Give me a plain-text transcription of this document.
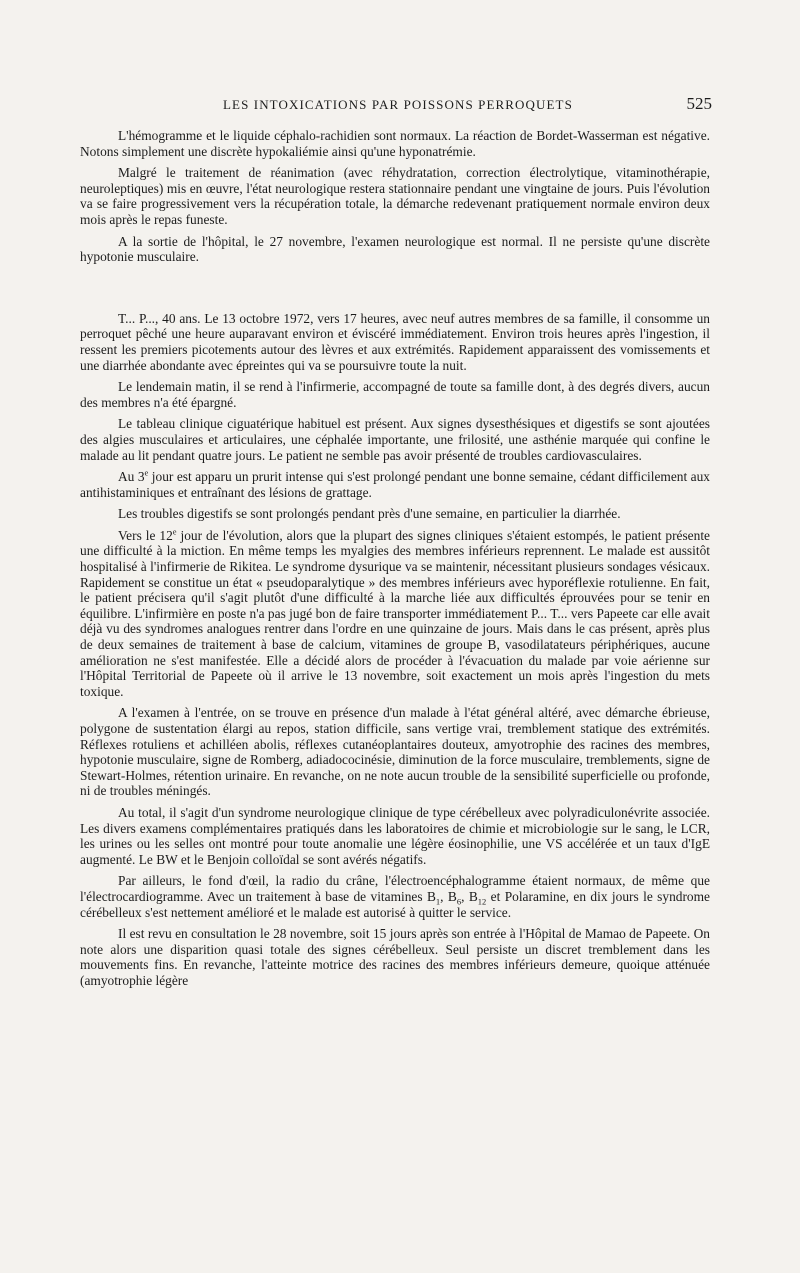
LES INTOXICATIONS PAR POISSONS PERROQUETS	525

L'hémogramme et le liquide céphalo-rachidien sont normaux. La réaction de Bordet-Wasserman est négative. Notons simplement une discrète hypokaliémie ainsi qu'une hyponatrémie.

Malgré le traitement de réanimation (avec réhydratation, correction électrolytique, vitaminothérapie, neuroleptiques) mis en œuvre, l'état neurologique restera stationnaire pendant une vingtaine de jours. Puis l'évolution va se faire progressivement vers la récupération totale, la démarche redevenant pratiquement normale environ deux mois après le repas funeste.

A la sortie de l'hôpital, le 27 novembre, l'examen neurologique est normal. Il ne persiste qu'une discrète hypotonie musculaire.

T... P..., 40 ans. Le 13 octobre 1972, vers 17 heures, avec neuf autres membres de sa famille, il consomme un perroquet pêché une heure auparavant environ et éviscéré immédiatement. Environ trois heures après l'ingestion, il ressent les premiers picotements autour des lèvres et aux extrémités. Rapidement apparaissent des vomissements et une diarrhée abondante avec épreintes qui va se poursuivre toute la nuit.

Le lendemain matin, il se rend à l'infirmerie, accompagné de toute sa famille dont, à des degrés divers, aucun des membres n'a été épargné.

Le tableau clinique ciguatérique habituel est présent. Aux signes dysesthésiques et digestifs se sont ajoutées des algies musculaires et articulaires, une céphalée importante, une frilosité, une asthénie marquée qui confine le malade au lit pendant quatre jours. Le patient ne semble pas avoir présenté de troubles cardiovasculaires.

Au 3e jour est apparu un prurit intense qui s'est prolongé pendant une bonne semaine, cédant difficilement aux antihistaminiques et entraînant des lésions de grattage.

Les troubles digestifs se sont prolongés pendant près d'une semaine, en particulier la diarrhée.

Vers le 12e jour de l'évolution, alors que la plupart des signes cliniques s'étaient estompés, le patient présente une difficulté à la miction. En même temps les myalgies des membres inférieurs reprennent. Le malade est aussitôt hospitalisé à l'infirmerie de Rikitea. Le syndrome dysurique va se maintenir, nécessitant plusieurs sondages vésicaux. Rapidement se constitue un état « pseudoparalytique » des membres inférieurs avec hyporéflexie rotulienne. En fait, le patient précisera qu'il s'agit plutôt d'une difficulté à la marche liée aux difficultés éprouvées pour se tenir en équilibre. L'infirmière en poste n'a pas jugé bon de faire transporter immédiatement P... T... vers Papeete car elle avait déjà vu des syndromes analogues rentrer dans l'ordre en une quinzaine de jours. Mais dans le cas présent, après plus de deux semaines de traitement à base de calcium, vitamines de groupe B, vasodilatateurs périphériques, aucune amélioration ne s'est manifestée. Elle a décidé alors de procéder à l'évacuation du malade par voie aérienne sur l'Hôpital Territorial de Papeete où il arrive le 13 novembre, soit exactement un mois après l'ingestion du mets toxique.

A l'examen à l'entrée, on se trouve en présence d'un malade à l'état général altéré, avec démarche ébrieuse, polygone de sustentation élargi au repos, station difficile, sans vertige vrai, tremblement statique des extrémités. Réflexes rotuliens et achilléen abolis, réflexes cutanéoplantaires douteux, amyotrophie des racines des membres, hypotonie musculaire, signe de Romberg, adiadococinésie, diminution de la force musculaire, tremblements, signe de Stewart-Holmes, rétention urinaire. En revanche, on ne note aucun trouble de la sensibilité superficielle ou profonde, ni de troubles méningés.

Au total, il s'agit d'un syndrome neurologique clinique de type cérébelleux avec polyradiculonévrite associée. Les divers examens complémentaires pratiqués dans les laboratoires de chimie et microbiologie sur le sang, le LCR, les urines ou les selles ont montré pour toute anomalie une légère éosinophilie, une VS accélérée et un taux d'IgE augmenté. Le BW et le Benjoin colloïdal se sont avérés négatifs.

Par ailleurs, le fond d'œil, la radio du crâne, l'électroencéphalogramme étaient normaux, de même que l'électrocardiogramme. Avec un traitement à base de vitamines $B_1$, $B_6$, $B_{12}$ et Polaramine, en dix jours le syndrome cérébelleux s'est nettement amélioré et le malade est autorisé à quitter le service.

Il est revu en consultation le 28 novembre, soit 15 jours après son entrée à l'Hôpital de Mamao de Papeete. On note alors une disparition quasi totale des signes cérébelleux. Seul persiste un discret tremblement dans les mouvements fins. En revanche, l'atteinte motrice des racines des membres inférieurs demeure, quoique atténuée (amyotrophie légère
